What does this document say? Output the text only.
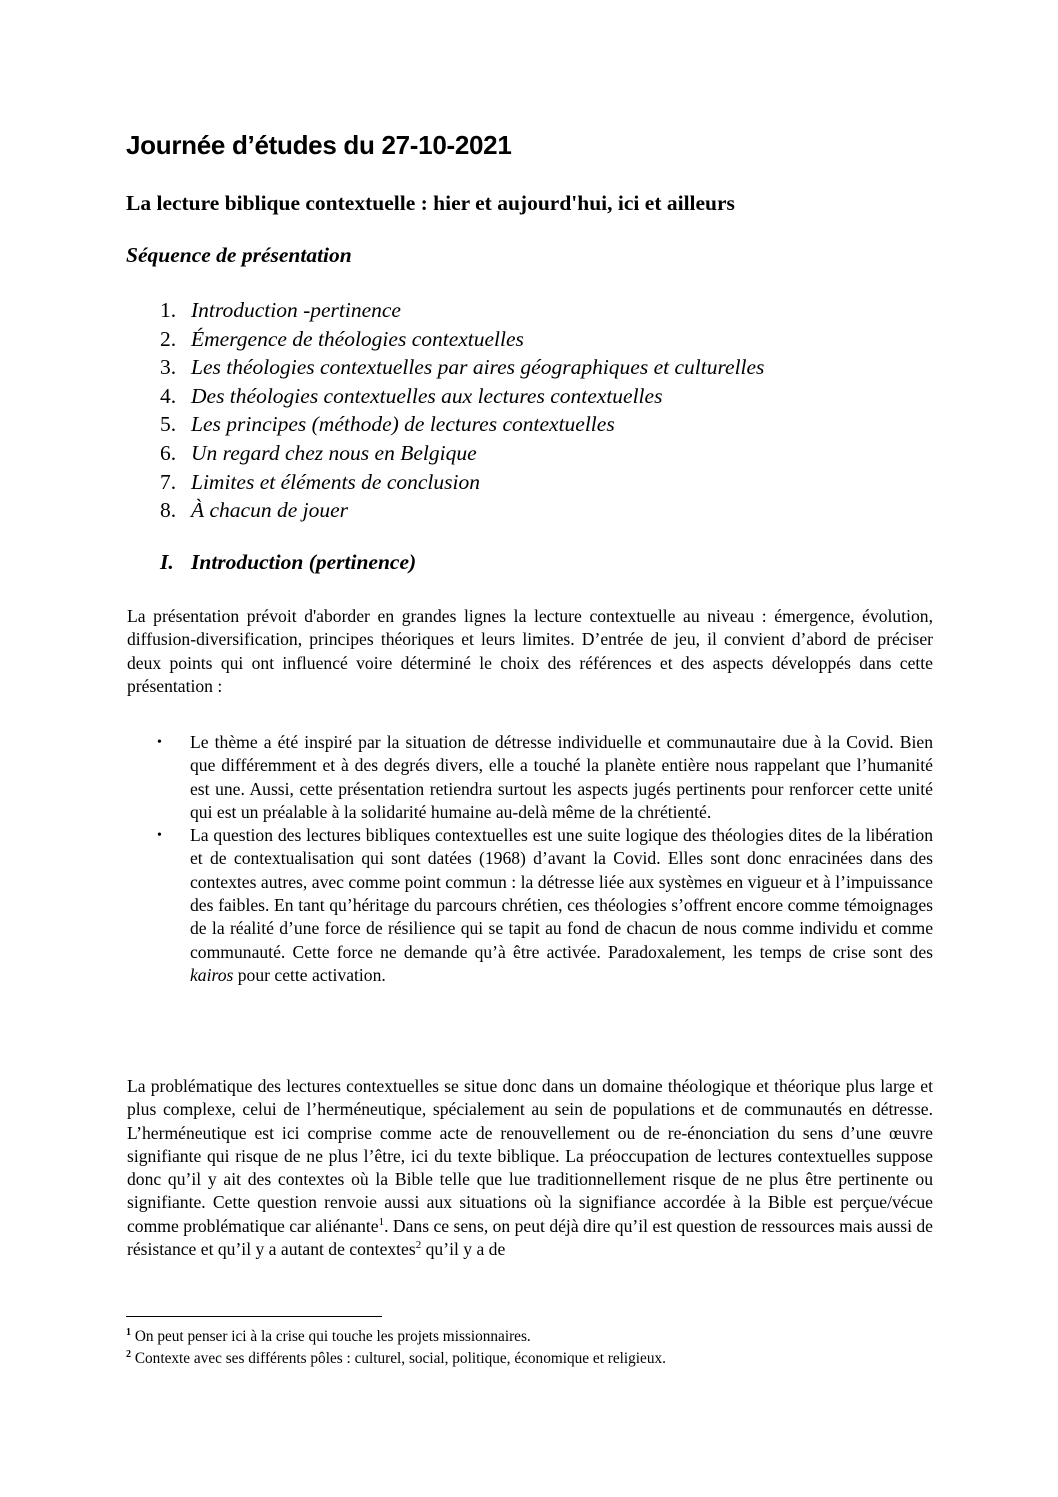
Journée d’études du 27-10-2021
La lecture biblique contextuelle : hier et aujourd'hui, ici et ailleurs
Séquence de présentation
1. Introduction -pertinence
2. Émergence de théologies contextuelles
3. Les théologies contextuelles par aires géographiques et culturelles
4. Des théologies contextuelles aux lectures contextuelles
5. Les principes (méthode) de lectures contextuelles
6. Un regard chez nous en Belgique
7. Limites et éléments de conclusion
8. À chacun de jouer
I. Introduction (pertinence)

La présentation prévoit d'aborder en grandes lignes la lecture contextuelle au niveau : émergence, évolution, diffusion-diversification, principes théoriques et leurs limites. D’entrée de jeu, il convient d’abord de préciser deux points qui ont influencé voire déterminé le choix des références et des aspects développés dans cette présentation :

• Le thème a été inspiré par la situation de détresse individuelle et communautaire due à la Covid. Bien que différemment et à des degrés divers, elle a touché la planète entière nous rappelant que l’humanité est une. Aussi, cette présentation retiendra surtout les aspects jugés pertinents pour renforcer cette unité qui est un préalable à la solidarité humaine au-delà même de la chrétienté.
• La question des lectures bibliques contextuelles est une suite logique des théologies dites de la libération et de contextualisation qui sont datées (1968) d’avant la Covid. Elles sont donc enracinées dans des contextes autres, avec comme point commun : la détresse liée aux systèmes en vigueur et à l’impuissance des faibles. En tant qu’héritage du parcours chrétien, ces théologies s’offrent encore comme témoignages de la réalité d’une force de résilience qui se tapit au fond de chacun de nous comme individu et comme communauté. Cette force ne demande qu’à être activée. Paradoxalement, les temps de crise sont des kairos pour cette activation.

La problématique des lectures contextuelles se situe donc dans un domaine théologique et théorique plus large et plus complexe, celui de l’herméneutique, spécialement au sein de populations et de communautés en détresse. L’herméneutique est ici comprise comme acte de renouvellement ou de re-énonciation du sens d’une œuvre signifiante qui risque de ne plus l’être, ici du texte biblique. La préoccupation de lectures contextuelles suppose donc qu’il y ait des contextes où la Bible telle que lue traditionnellement risque de ne plus être pertinente ou signifiante. Cette question renvoie aussi aux situations où la signifiance accordée à la Bible est perçue/vécue comme problématique car aliénante$^1$. Dans ce sens, on peut déjà dire qu’il est question de ressources mais aussi de résistance et qu’il y a autant de contextes$^2$ qu’il y a de

$^1$ On peut penser ici à la crise qui touche les projets missionnaires.
$^2$ Contexte avec ses différents pôles : culturel, social, politique, économique et religieux.
